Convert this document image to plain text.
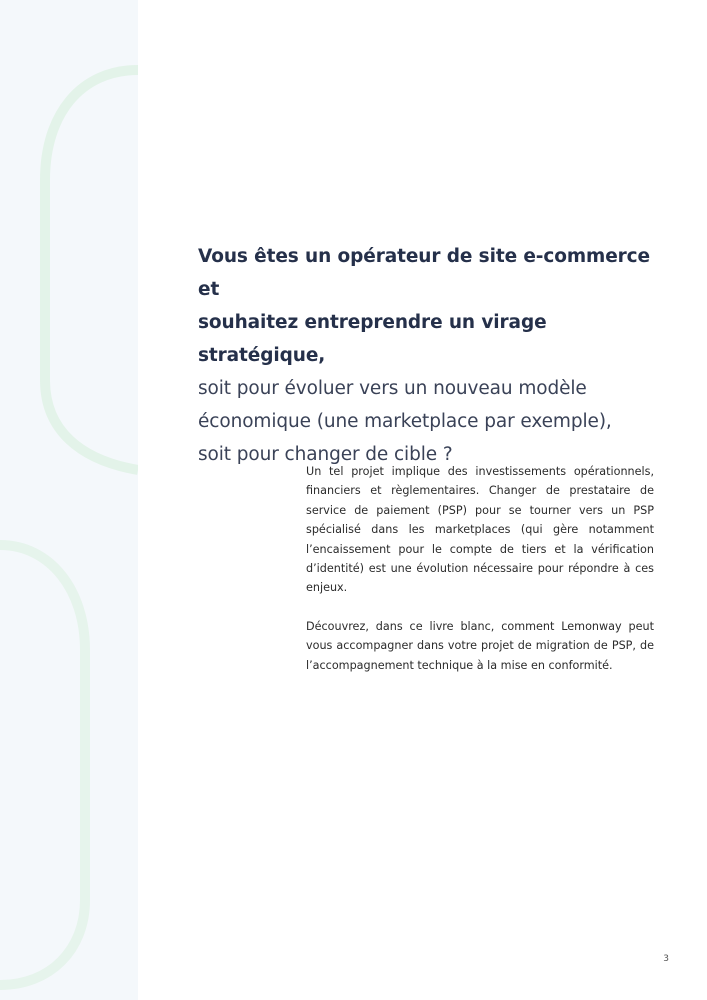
Vous êtes un opérateur de site e-commerce et
souhaitez entreprendre un virage stratégique,
soit pour évoluer vers un nouveau modèle
économique (une marketplace par exemple),
soit pour changer de cible ?

Un tel projet implique des investissements opérationnels, financiers et règlementaires. Changer de prestataire de service de paiement (PSP) pour se tourner vers un PSP spécialisé dans les marketplaces (qui gère notamment l’encaissement pour le compte de tiers et la vérification d’identité) est une évolution nécessaire pour répondre à ces enjeux.

Découvrez, dans ce livre blanc, comment Lemonway peut vous accompagner dans votre projet de migration de PSP, de l’accompagnement technique à la mise en conformité.

3
